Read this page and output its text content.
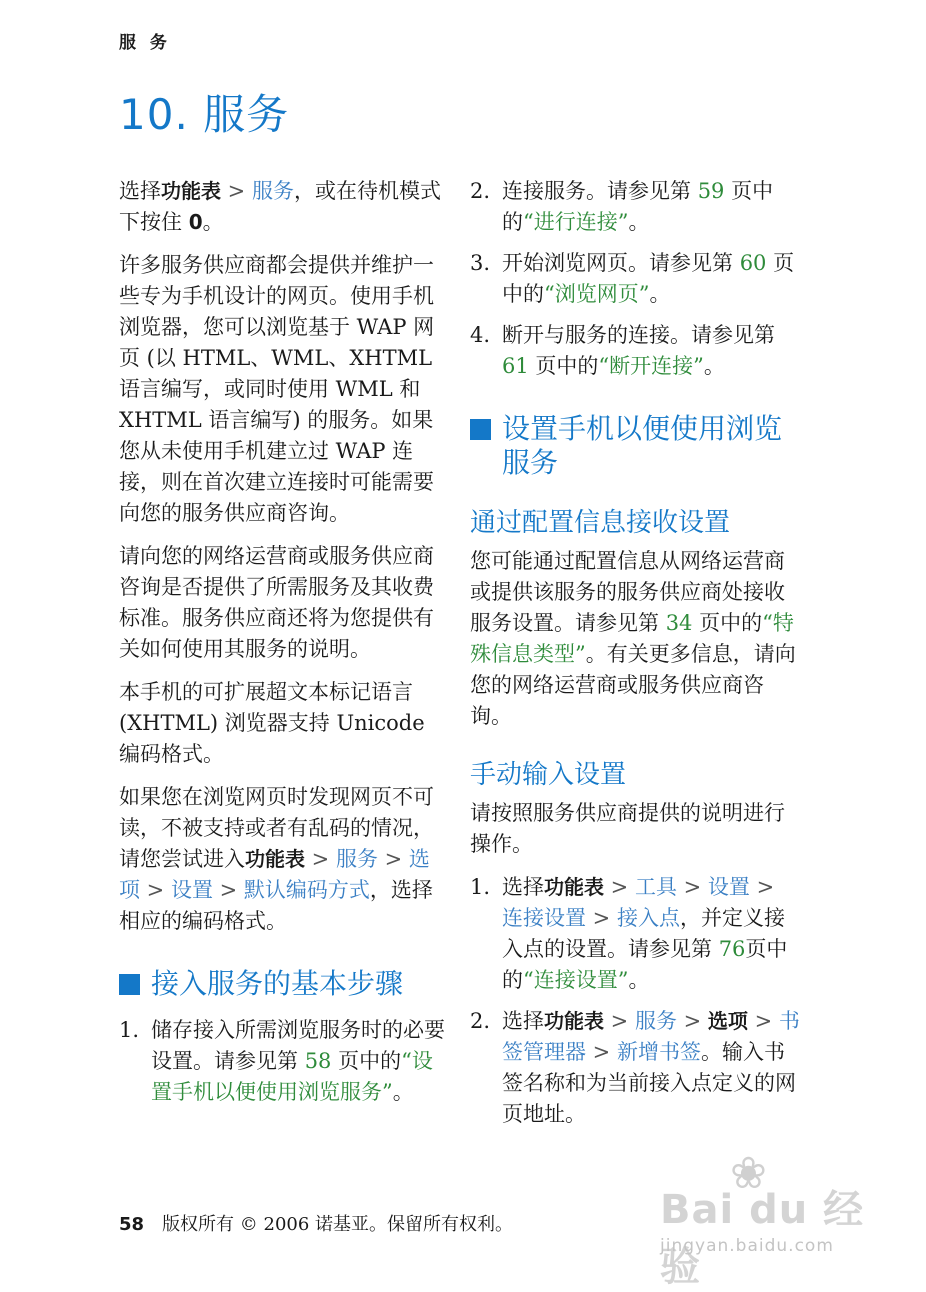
服 务
10. 服务

选择功能表 > 服务，或在待机模式下按住 0。

许多服务供应商都会提供并维护一些专为手机设计的网页。使用手机浏览器，您可以浏览基于 WAP 网页 (以 HTML、WML、XHTML 语言编写，或同时使用 WML 和 XHTML 语言编写) 的服务。如果您从未使用手机建立过 WAP 连接，则在首次建立连接时可能需要向您的服务供应商咨询。

请向您的网络运营商或服务供应商咨询是否提供了所需服务及其收费标准。服务供应商还将为您提供有关如何使用其服务的说明。

本手机的可扩展超文本标记语言 (XHTML) 浏览器支持 Unicode 编码格式。

如果您在浏览网页时发现网页不可读，不被支持或者有乱码的情况，请您尝试进入功能表 > 服务 > 选项 > 设置 > 默认编码方式，选择相应的编码格式。

接入服务的基本步骤
1. 储存接入所需浏览服务时的必要设置。请参见第 58 页中的“设置手机以便使用浏览服务”。
2. 连接服务。请参见第 59 页中的“进行连接”。
3. 开始浏览网页。请参见第 60 页中的“浏览网页”。
4. 断开与服务的连接。请参见第 61 页中的“断开连接”。
设置手机以便使用浏览服务
通过配置信息接收设置

您可能通过配置信息从网络运营商或提供该服务的服务供应商处接收服务设置。请参见第 34 页中的“特殊信息类型”。有关更多信息，请向您的网络运营商或服务供应商咨询。

手动输入设置

请按照服务供应商提供的说明进行操作。

1. 选择功能表 > 工具 > 设置 > 连接设置 > 接入点，并定义接入点的设置。请参见第 76页中的“连接设置”。
2. 选择功能表 > 服务 > 选项 > 书签管理器 > 新增书签。输入书签名称和为当前接入点定义的网页地址。
58 版权所有 © 2006 诺基亚。保留所有权利。
❀
Bai du 经验
jingyan.baidu.com
